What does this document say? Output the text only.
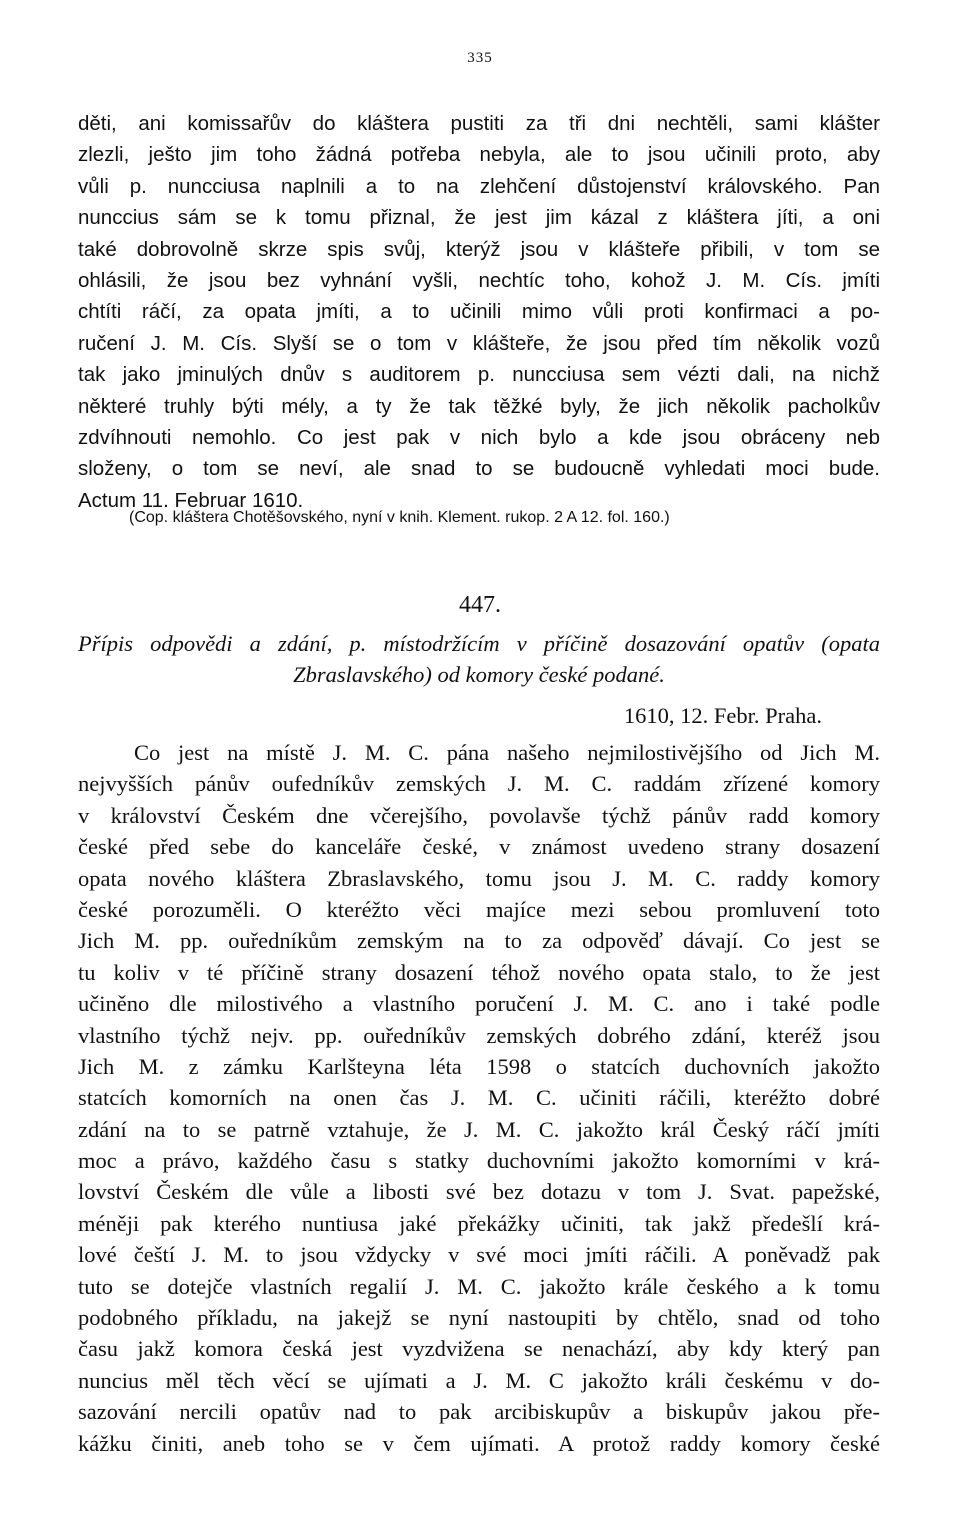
335
děti, ani komissařův do kláštera pustiti za tři dni nechtěli, sami klášter
zlezli, ješto jim toho žádná potřeba nebyla, ale to jsou učinili proto, aby
vůli p. nuncciusa naplnili a to na zlehčení důstojenství královského. Pan
nunccius sám se k tomu přiznal, že jest jim kázal z kláštera jíti, a oni
také dobrovolně skrze spis svůj, kterýž jsou v klášteře přibili, v tom se
ohlásili, že jsou bez vyhnání vyšli, nechtíc toho, kohož J. M. Cís. jmíti
chtíti ráčí, za opata jmíti, a to učinili mimo vůli proti konfirmaci a po-
ručení J. M. Cís. Slyší se o tom v klášteře, že jsou před tím několik vozů
tak jako jminulých dnův s auditorem p. nuncciusa sem vézti dali, na nichž
některé truhly býti mély, a ty že tak těžké byly, že jich několik pacholkův
zdvíhnouti nemohlo. Co jest pak v nich bylo a kde jsou obráceny neb
složeny, o tom se neví, ale snad to se budoucně vyhledati moci bude.
Actum 11. Februar 1610.
(Cop. kláštera Chotěšovského, nyní v knih. Klement. rukop. 2 A 12. fol. 160.)
447.
Přípis odpovědi a zdání, p. místodržícím v příčině dosazování opatův (opata
Zbraslavského) od komory české podané.
1610, 12. Febr. Praha.
Co jest na místě J. M. C. pána našeho nejmilostivějšího od Jich M.
nejvyšších pánův oufedníkův zemských J. M. C. raddám zřízené komory
v království Českém dne včerejšího, povolavše týchž pánův radd komory
české před sebe do kanceláře české, v známost uvedeno strany dosazení
opata nového kláštera Zbraslavského, tomu jsou J. M. C. raddy komory
české porozuměli. O kteréžto věci majíce mezi sebou promluvení toto
Jich M. pp. ouředníkům zemským na to za odpověď dávají. Co jest se
tu koliv v té příčině strany dosazení téhož nového opata stalo, to že jest
učiněno dle milostivého a vlastního poručení J. M. C. ano i také podle
vlastního týchž nejv. pp. ouředníkův zemských dobrého zdání, kteréž jsou
Jich M. z zámku Karlšteyna léta 1598 o statcích duchovních jakožto
statcích komorních na onen čas J. M. C. učiniti ráčili, kteréžto dobré
zdání na to se patrně vztahuje, že J. M. C. jakožto král Český ráčí jmíti
moc a právo, každého času s statky duchovními jakožto komorními v krá-
lovství Českém dle vůle a libosti své bez dotazu v tom J. Svat. papežské,
méněji pak kterého nuntiusa jaké překážky učiniti, tak jakž předešlí krá-
lové čeští J. M. to jsou vždycky v své moci jmíti ráčili. A poněvadž pak
tuto se dotejče vlastních regalií J. M. C. jakožto krále českého a k tomu
podobného příkladu, na jakejž se nyní nastoupiti by chtělo, snad od toho
času jakž komora česká jest vyzdvižena se nenachází, aby kdy který pan
nuncius měl těch věcí se ujímati a J. M. C jakožto králi českému v do-
sazování nercili opatův nad to pak arcibiskupův a biskupův jakou pře-
kážku činiti, aneb toho se v čem ujímati. A protož raddy komory české
